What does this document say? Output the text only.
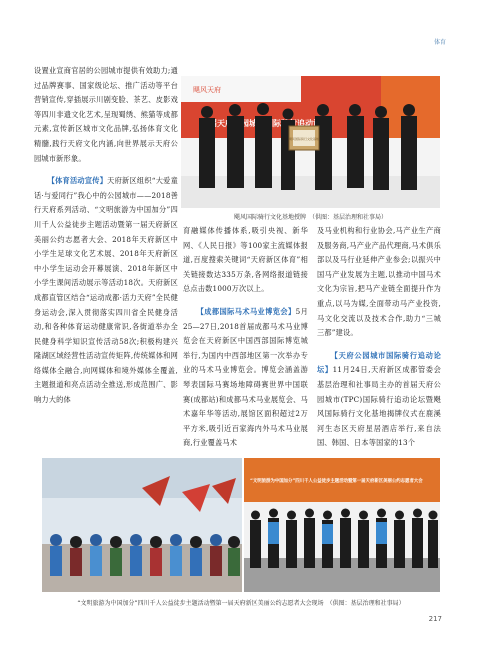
体育
飓风天府
飓风国际骑行文化基地
飓风国际骑行文化基地授牌　（供图：基层治理和社事局）

设置业宣商官居的公园城市提供有效助力;通过品牌赛事、国家级论坛、推广活动等平台营销宣传,穿插展示川剧变脸、茶艺、皮影戏等四川非遗文化艺术,呈现蜀绣、熊猫等成都元素,宣传新区城市文化品牌,弘扬体育文化精髓,践行天府文化内涵,向世界展示天府公园城市新形象。

【体育活动宣传】天府新区组织“大爱童话·与爱同行”我心中的公园城市——2018善行天府系列活动、“文明旅游为中国加分”四川千人公益徒步主题活动暨第一届天府新区美丽公约志愿者大会、2018年天府新区中小学生足球文化艺术展、2018年天府新区中小学生运动会开幕展演、2018年新区中小学生课间活动展示等活动18次。天府新区成都直管区结合“运动成都·活力天府”全民健身运动会,深入贯彻落实四川省全民健身活动,和各种体育运动健康常识,各街道举办全民健身科学知识宣传活动58次;积极构建兴隆湖区域经营性活动宣传矩阵,传统媒体和网络媒体全融合,向网媒体和境外媒体全覆盖,主题报道和亮点活动全推送,形成范围广、影响力大的体

育融媒体传播体系,吸引央视、新华网、《人民日报》等100家主流媒体报道,百度搜索关键词“天府新区体育”相关链接数达335万条,各网络报道链接总点击数1000万次以上。

【成都国际马术马业博览会】5月25—27日,2018首届成都马术马业博览会在天府新区中国西部国际博览城举行,为国内中西部地区第一次举办专业的马术马业博览会。博览会涵盖游琴表国际马赛场地障碍赛世界中国联赛(成都站)和成都马术马业展览会、马术嘉年华等活动,展馆区面积超过2万平方米,吸引近百家海内外马术马业展商,行业覆盖马术

及马业机构和行业协会,马产业生产商及服务商,马产业产品代理商,马术俱乐部以及马行业延伸产业参会;以振兴中国马产业发展为主题,以推动中国马术文化为宗旨,把马产业链全面提升作为重点,以马为媒,全面带动马产业投资,马文化交流以及技术合作,助力“三城三都”建设。

【天府公园城市国际骑行追动论坛】11月24日,天府新区成都管委会基层治理和社事局主办的首届天府公园城市(TPC)国际骑行追动论坛暨飓风国际骑行文化基地揭牌仪式在鹿溪河生态区天府星居酒店举行,来自法国、韩国、日本等国家的13个

“文明旅游为中国加分”四川千人公益徒步主题活动暨第一届天府新区美丽公约志愿者大会
“文明旅游为中国加分”四川千人公益徒步主题活动暨第一届天府新区美丽公约志愿者大会现场　（供图：基层治理和社事局）
217
